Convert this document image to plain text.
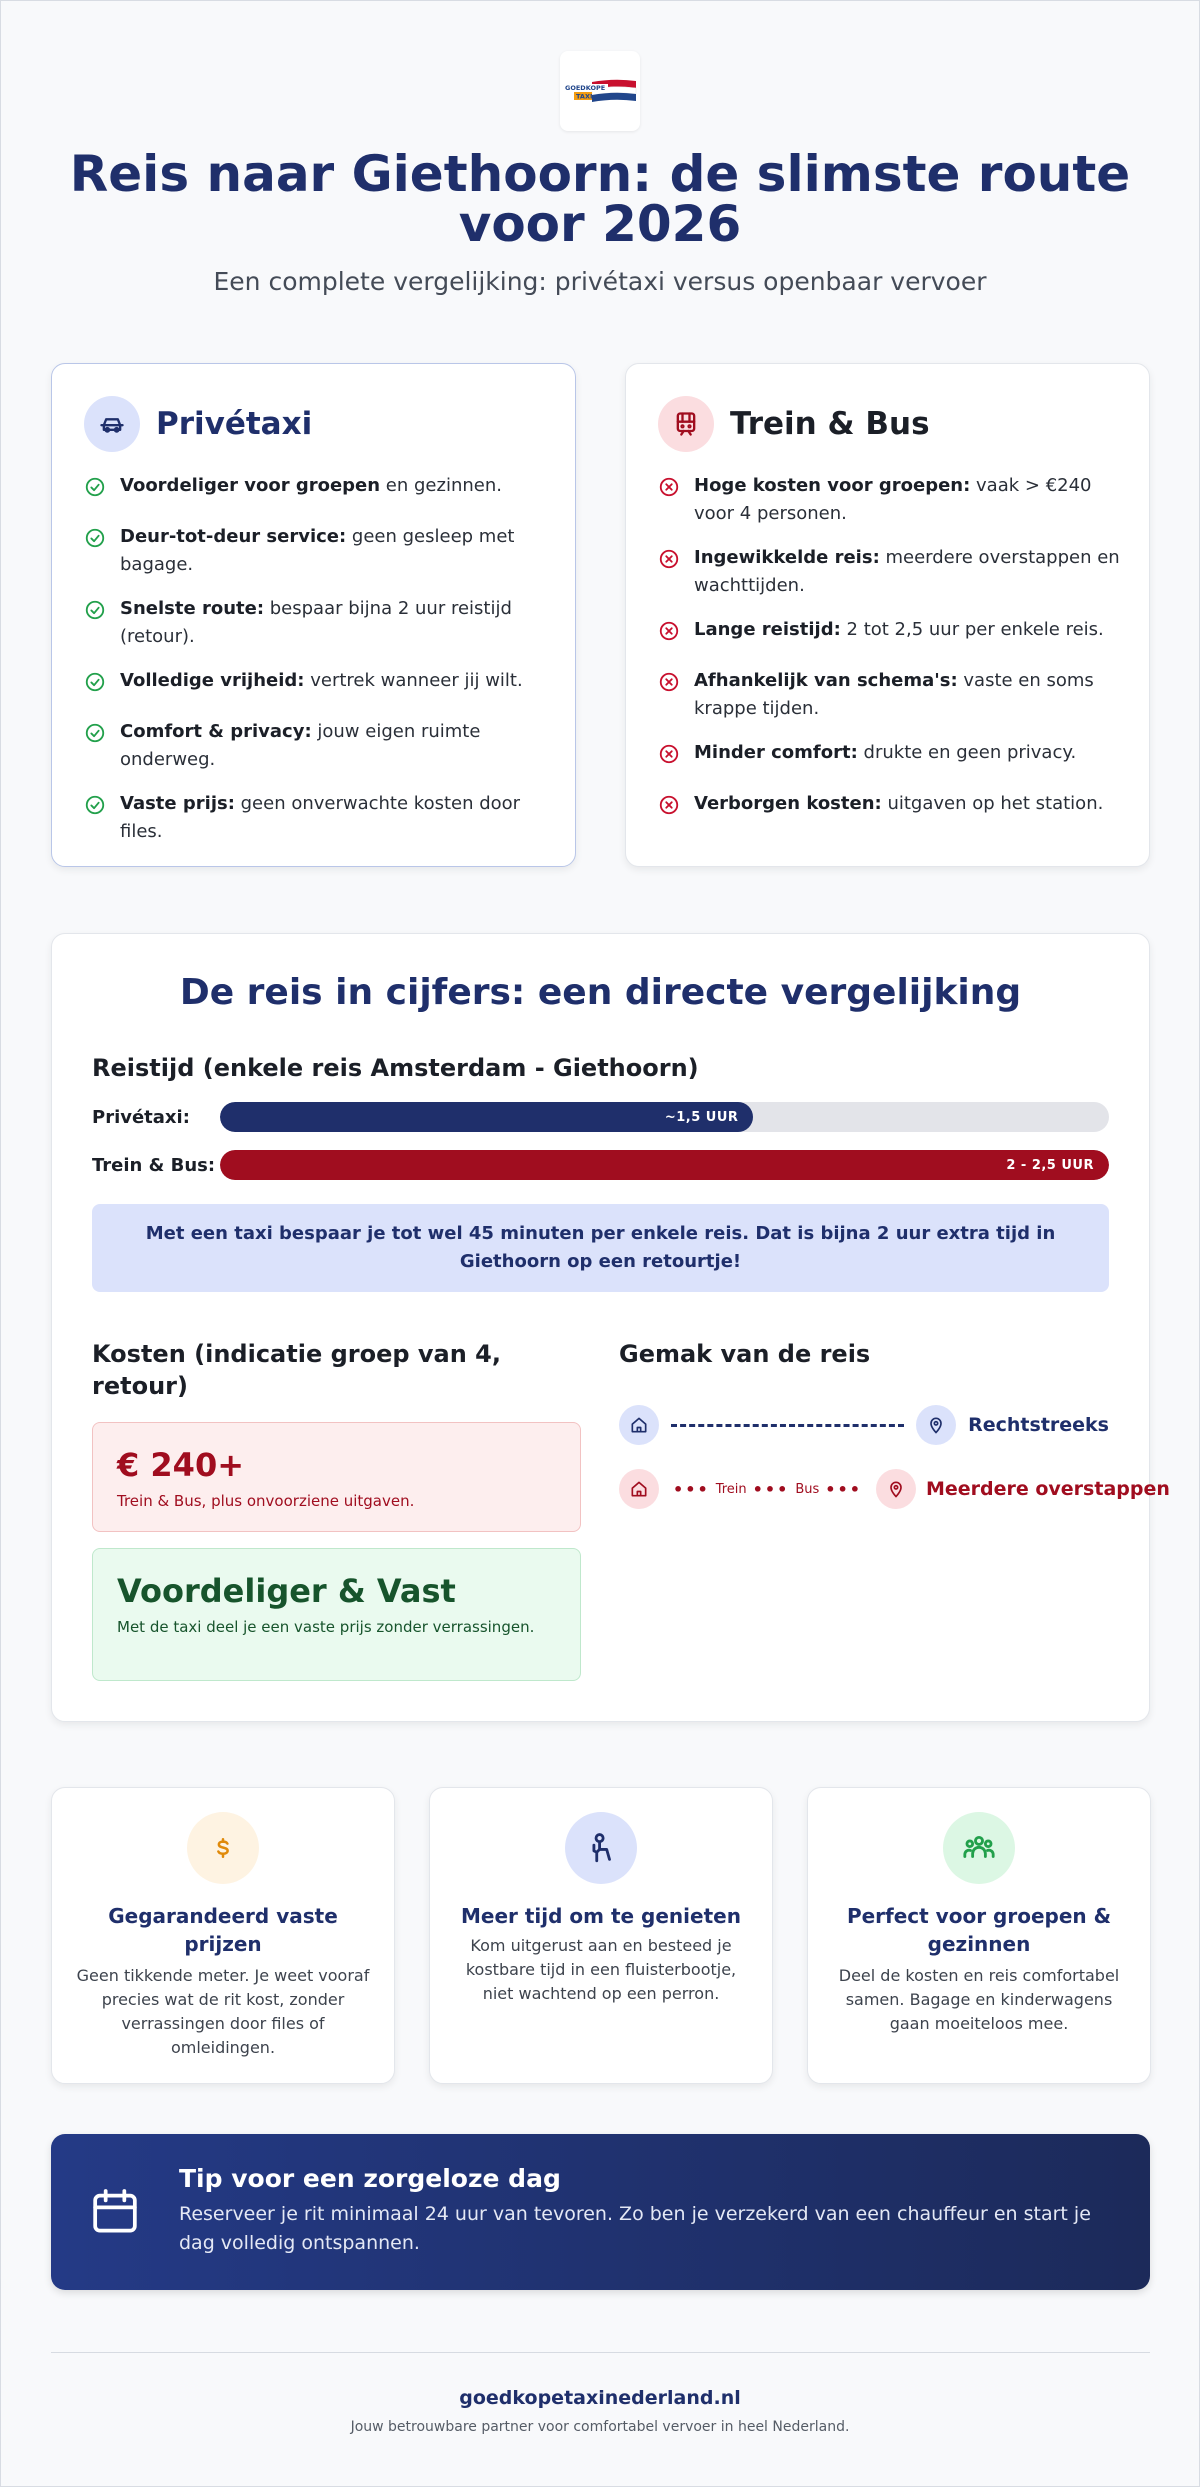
GOEDKOPE
TAXI
Reis naar Giethoorn: de slimste route voor 2026
Een complete vergelijking: privétaxi versus openbaar vervoer
Privétaxi
Voordeliger voor groepen en gezinnen.
Deur-tot-deur service: geen gesleep met bagage.
Snelste route: bespaar bijna 2 uur reistijd (retour).
Volledige vrijheid: vertrek wanneer jij wilt.
Comfort & privacy: jouw eigen ruimte onderweg.
Vaste prijs: geen onverwachte kosten door files.
Trein & Bus
Hoge kosten voor groepen: vaak > €240 voor 4 personen.
Ingewikkelde reis: meerdere overstappen en wachttijden.
Lange reistijd: 2 tot 2,5 uur per enkele reis.
Afhankelijk van schema's: vaste en soms krappe tijden.
Minder comfort: drukte en geen privacy.
Verborgen kosten: uitgaven op het station.
De reis in cijfers: een directe vergelijking
Reistijd (enkele reis Amsterdam - Giethoorn)
Privétaxi:	~1,5 UUR
Trein & Bus:	2 - 2,5 UUR
Met een taxi bespaar je tot wel 45 minuten per enkele reis. Dat is bijna 2 uur extra tijd in Giethoorn op een retourtje!
Kosten (indicatie groep van 4, retour)
€ 240+
Trein & Bus, plus onvoorziene uitgaven.
Voordeliger & Vast
Met de taxi deel je een vaste prijs zonder verrassingen.
Gemak van de reis
Rechtstreeks
••• Trein ••• Bus •••	Meerdere overstappen
Gegarandeerd vaste prijzen

Geen tikkende meter. Je weet vooraf precies wat de rit kost, zonder verrassingen door files of omleidingen.

Meer tijd om te genieten

Kom uitgerust aan en besteed je kostbare tijd in een fluisterbootje, niet wachtend op een perron.

Perfect voor groepen & gezinnen

Deel de kosten en reis comfortabel samen. Bagage en kinderwagens gaan moeiteloos mee.

Tip voor een zorgeloze dag

Reserveer je rit minimaal 24 uur van tevoren. Zo ben je verzekerd van een chauffeur en start je dag volledig ontspannen.

goedkopetaxinederland.nl
Jouw betrouwbare partner voor comfortabel vervoer in heel Nederland.
